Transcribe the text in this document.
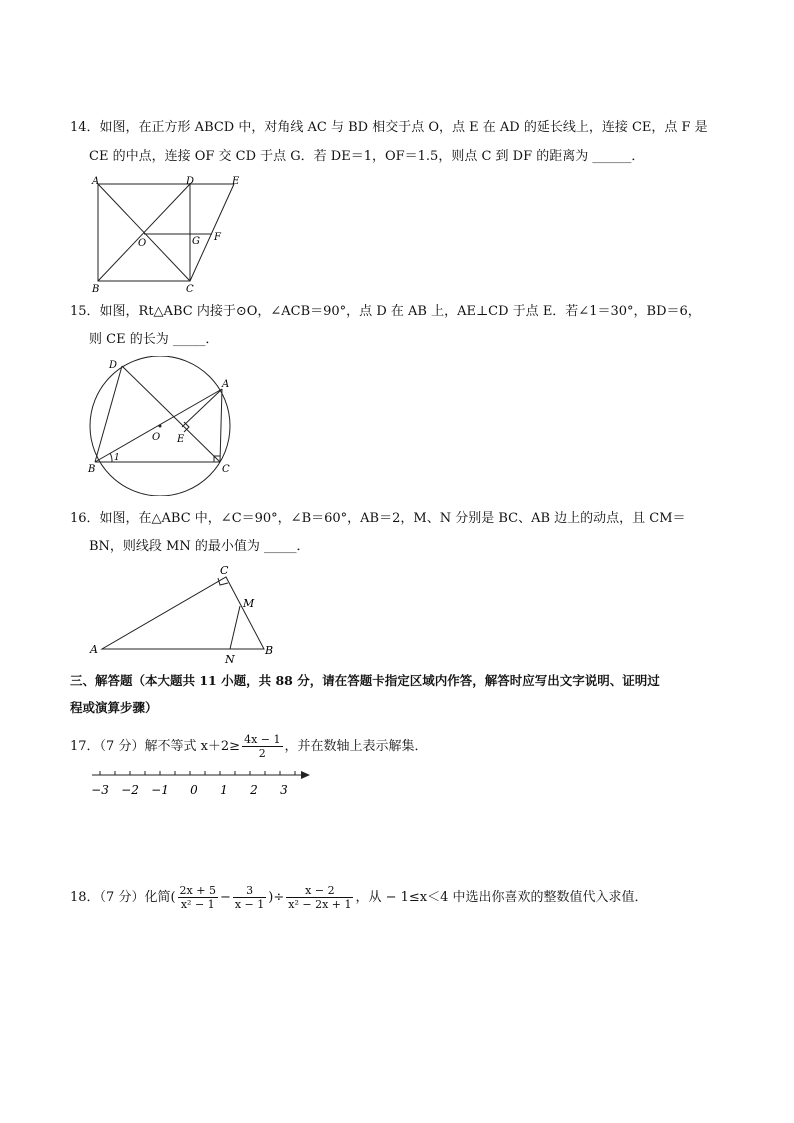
14．如图，在正方形 ABCD 中，对角线 AC 与 BD 相交于点 O，点 E 在 AD 的延长线上，连接 CE，点 F 是
CE 的中点，连接 OF 交 CD 于点 G．若 DE＝1，OF＝1.5，则点 C 到 DF 的距离为 ______．
A	D	E
O	G F
B	C
15．如图，Rt△ABC 内接于⊙O，∠ACB＝90°，点 D 在 AB 上，AE⊥CD 于点 E．若∠1＝30°，BD＝6，
则 CE 的长为 _____．
D
A
O E
B	C
1
16．如图，在△ABC 中，∠C＝90°，∠B＝60°，AB＝2，M、N 分别是 BC、AB 边上的动点，且 CM＝
BN，则线段 MN 的最小值为 _____．
C
M
A
N
B
三、解答题（本大题共 11 小题，共 88 分，请在答题卡指定区域内作答，解答时应写出文字说明、证明过
程或演算步骤）
17．（7 分）解不等式 $x+2\ge \frac{4x - 1}{2}$ ，并在数轴上表示解集．
−3 −2 −1 0 1 2 3
18．（7 分）化简( $\frac{2x + 5}{\text{x² − 1}} - \frac{3}{x - 1}$ )÷ $\frac{x - 2}{\text{x² − 2x + 1}}$ ，从 − 1≤x＜4 中选出你喜欢的整数值代入求值．
